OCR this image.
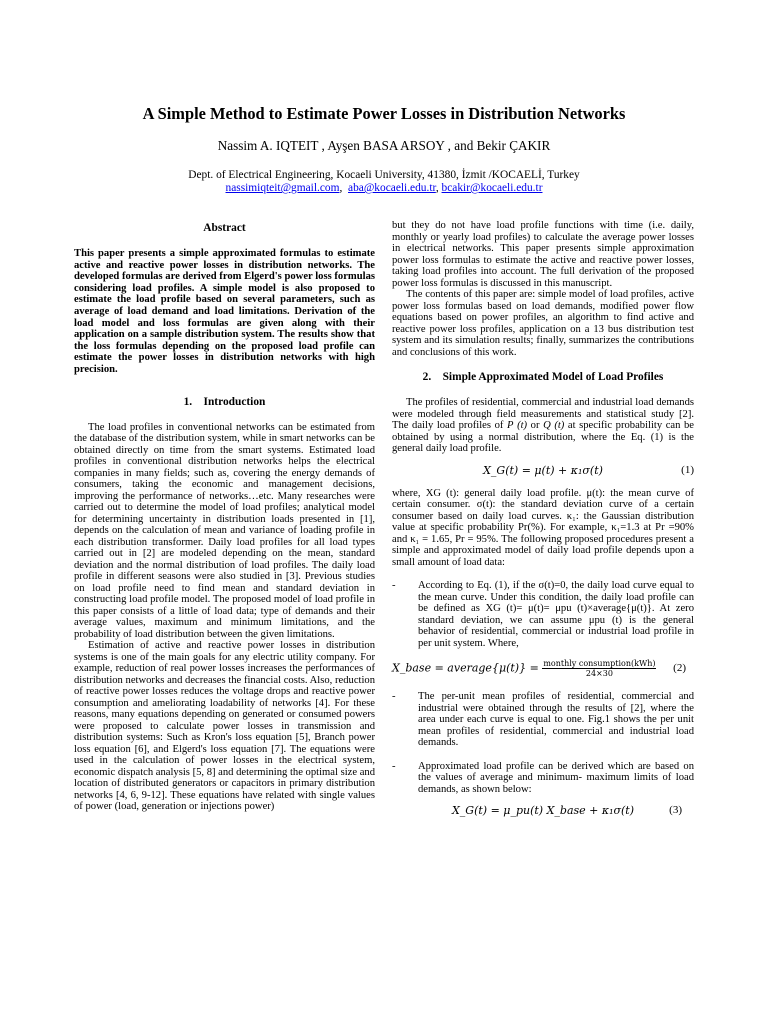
A Simple Method to Estimate Power Losses in Distribution Networks
Nassim A. IQTEIT , Ayşen BASA ARSOY , and Bekir ÇAKIR
Dept. of Electrical Engineering, Kocaeli University, 41380, İzmit /KOCAELİ, Turkey
nassimiqteit@gmail.com,  aba@kocaeli.edu.tr, bcakir@kocaeli.edu.tr
Abstract

This paper presents a simple approximated formulas to estimate active and reactive power losses in distribution networks. The developed formulas are derived from Elgerd's power loss formulas considering load profiles. A simple model is also proposed to estimate the load profile based on several parameters, such as average of load demand and load limitations. Derivation of the load model and loss formulas are given along with their application on a sample distribution system. The results show that the loss formulas depending on the proposed load profile can estimate the power losses in distribution networks with high precision.

1.    Introduction

The load profiles in conventional networks can be estimated from the database of the distribution system, while in smart networks can be obtained directly on time from the smart systems. Estimated load profiles in conventional distribution networks helps the electrical companies in many fields; such as, covering the energy demands of consumers, taking the economic and management decisions, improving the performance of networks…etc. Many researches were carried out to determine the model of load profiles; analytical model for determining uncertainty in distribution loads presented in [1], depends on the calculation of mean and variance of loading profile in each distribution transformer. Daily load profiles for all load types carried out in [2] are modeled depending on the mean, standard deviation and the normal distribution of load profiles. The daily load profile in different seasons were also studied in [3]. Previous studies on load profile need to find mean and standard deviation in constructing load profile model. The proposed model of load profile in this paper consists of a little of load data; type of demands and their average values, maximum and minimum limitations, and the probability of load distribution between the given limitations.

Estimation of active and reactive power losses in distribution systems is one of the main goals for any electric utility company. For example, reduction of real power losses increases the performances of distribution networks and decreases the financial costs. Also, reduction of reactive power losses reduces the voltage drops and reactive power consumption and ameliorating loadability of networks [4]. For these reasons, many equations depending on generated or consumed powers were proposed to calculate power losses in transmission and distribution systems: Such as Kron's loss equation [5], Branch power loss equation [6], and Elgerd's loss equation [7]. The equations were used in the calculation of power losses in the electrical system, economic dispatch analysis [5, 8] and determining the optimal size and location of distributed generators or capacitors in primary distribution networks [4, 6, 9-12]. These equations have related with single values of power (load, generation or injections power)

but they do not have load profile functions with time (i.e. daily, monthly or yearly load profiles) to calculate the average power losses in electrical networks. This paper presents simple approximation power loss formulas to estimate the active and reactive power losses, taking load profiles into account. The full derivation of the proposed power loss formulas is discussed in this manuscript.

The contents of this paper are: simple model of load profiles, active power loss formulas based on load demands, modified power flow equations based on power profiles, an algorithm to find active and reactive power loss profiles, application on a 13 bus distribution test system and its simulation results; finally, summarizes the contributions and conclusions of this work.

2.    Simple Approximated Model of Load Profiles

The profiles of residential, commercial and industrial load demands were modeled through field measurements and statistical study [2]. The daily load profiles of P (t) or Q (t) at specific probability can be obtained by using a normal distribution, where the Eq. (1) is the general daily load profile.

X_G(t) = μ(t) + κ₁σ(t)	(1)

where, XG (t): general daily load profile. μ(t): the mean curve of certain consumer. σ(t): the standard deviation curve of a certain consumer based on daily load curves. κ₁: the Gaussian distribution value at specific probability Pr(%). For example, κ₁=1.3 at Pr =90% and κ₁ = 1.65, Pr = 95%. The following proposed procedures present a simple and approximated model of daily load profile depends upon a small amount of load data:

- According to Eq. (1), if the σ(t)=0, the daily load curve equal to the mean curve. Under this condition, the daily load profile can be defined as XG (t)= μ(t)= μpu (t)×average{μ(t)}. At zero standard deviation, we can assume μpu (t) is the general behavior of residential, commercial or industrial load profile in per unit system. Where,

X_base = average{μ(t)} = $\frac{\text{monthly consumption(kWh)}}{24\times 30} (2)$
- The per-unit mean profiles of residential, commercial and industrial were obtained through the results of [2], where the area under each curve is equal to one. Fig.1 shows the per unit mean profiles of residential, commercial and industrial load demands.

- Approximated load profile can be derived which are based on the values of average and minimum- maximum limits of load demands, as shown below:

X_G(t) = μ_pu(t) X_base + κ₁σ(t)	(3)
